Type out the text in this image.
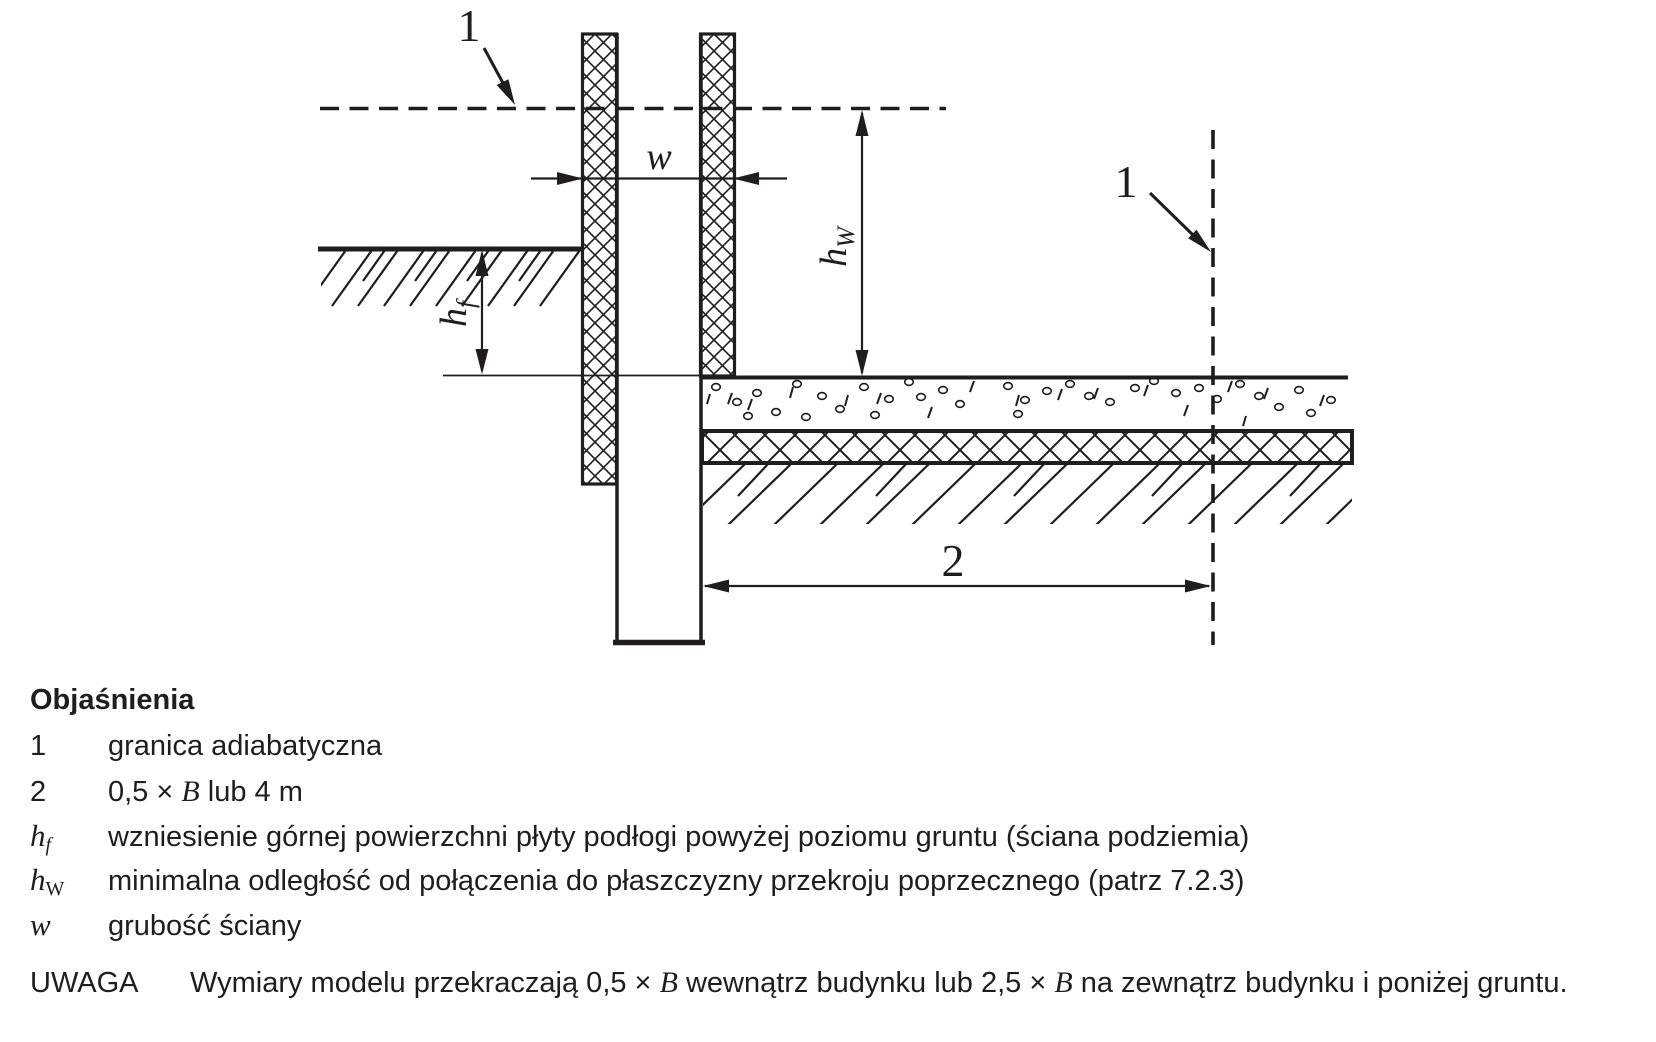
w
$h_W$
$h_f$
2
1
1
Objaśnienia
1 granica adiabatyczna
2 0,5 × B lub 4 m
hf wzniesienie górnej powierzchni płyty podłogi powyżej poziomu gruntu (ściana podziemia)
hW minimalna odległość od połączenia do płaszczyzny przekroju poprzecznego (patrz 7.2.3)
w grubość ściany
UWAGA Wymiary modelu przekraczają 0,5 × B wewnątrz budynku lub 2,5 × B na zewnątrz budynku i poniżej gruntu.
